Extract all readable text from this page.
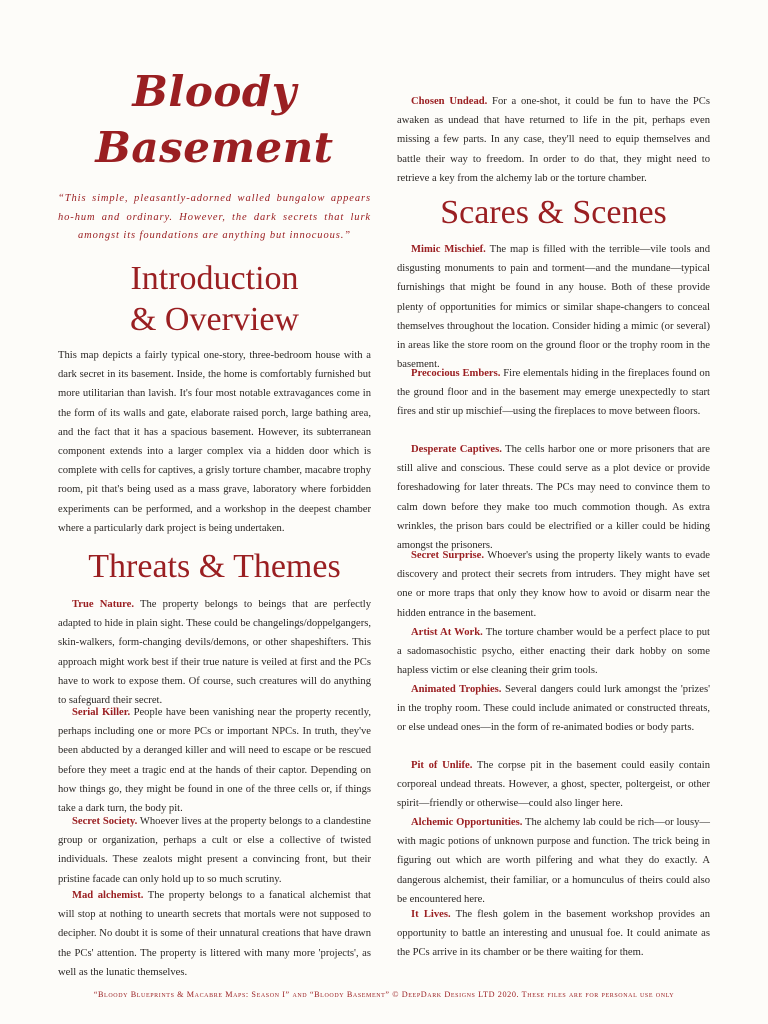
Bloody
Basement

“This simple, pleasantly-adorned walled bungalow appears ho-hum and ordinary. However, the dark secrets that lurk amongst its foundations are anything but innocuous.”

Introduction
& Overview

This map depicts a fairly typical one-story, three-bedroom house with a dark secret in its basement. Inside, the home is comfortably furnished but more utilitarian than lavish. It's four most notable extravagances come in the form of its walls and gate, elaborate raised porch, large bathing area, and the fact that it has a spacious basement. However, its subterranean component extends into a larger complex via a hidden door which is complete with cells for captives, a grisly torture chamber, macabre trophy room, pit that's being used as a mass grave, laboratory where forbidden experiments can be performed, and a workshop in the deepest chamber where a particularly dark project is being undertaken.

Threats & Themes

True Nature. The property belongs to beings that are perfectly adapted to hide in plain sight. These could be changelings/doppelgangers, skin-walkers, form-changing devils/demons, or other shapeshifters. This approach might work best if their true nature is veiled at first and the PCs have to work to expose them. Of course, such creatures will do anything to safeguard their secret.

Serial Killer. People have been vanishing near the property recently, perhaps including one or more PCs or important NPCs. In truth, they've been abducted by a deranged killer and will need to escape or be rescued before they meet a tragic end at the hands of their captor. Depending on how things go, they might be found in one of the three cells or, if things take a dark turn, the body pit.

Secret Society. Whoever lives at the property belongs to a clandestine group or organization, perhaps a cult or else a collective of twisted individuals. These zealots might present a convincing front, but their pristine facade can only hold up to so much scrutiny.

Mad alchemist. The property belongs to a fanatical alchemist that will stop at nothing to unearth secrets that mortals were not supposed to decipher. No doubt it is some of their unnatural creations that have drawn the PCs' attention. The property is littered with many more 'projects', as well as the lunatic themselves.

Chosen Undead. For a one-shot, it could be fun to have the PCs awaken as undead that have returned to life in the pit, perhaps even missing a few parts. In any case, they'll need to equip themselves and battle their way to freedom. In order to do that, they might need to retrieve a key from the alchemy lab or the torture chamber.

Scares & Scenes

Mimic Mischief. The map is filled with the terrible—vile tools and disgusting monuments to pain and torment—and the mundane—typical furnishings that might be found in any house. Both of these provide plenty of opportunities for mimics or similar shape-changers to conceal themselves throughout the location. Consider hiding a mimic (or several) in areas like the store room on the ground floor or the trophy room in the basement.

Precocious Embers. Fire elementals hiding in the fireplaces found on the ground floor and in the basement may emerge unexpectedly to start fires and stir up mischief—using the fireplaces to move between floors.

Desperate Captives. The cells harbor one or more prisoners that are still alive and conscious. These could serve as a plot device or provide foreshadowing for later threats. The PCs may need to convince them to calm down before they make too much commotion though. As extra wrinkles, the prison bars could be electrified or a killer could be hiding amongst the prisoners.

Secret Surprise. Whoever's using the property likely wants to evade discovery and protect their secrets from intruders. They might have set one or more traps that only they know how to avoid or disarm near the hidden entrance in the basement.

Artist At Work. The torture chamber would be a perfect place to put a sadomasochistic psycho, either enacting their dark hobby on some hapless victim or else cleaning their grim tools.

Animated Trophies. Several dangers could lurk amongst the 'prizes' in the trophy room. These could include animated or constructed threats, or else undead ones—in the form of re-animated bodies or body parts.

Pit of Unlife. The corpse pit in the basement could easily contain corporeal undead threats. However, a ghost, specter, poltergeist, or other spirit—friendly or otherwise—could also linger here.

Alchemic Opportunities. The alchemy lab could be rich—or lousy—with magic potions of unknown purpose and function. The trick being in figuring out which are worth pilfering and what they do exactly. A dangerous alchemist, their familiar, or a homunculus of theirs could also be encountered here.

It Lives. The flesh golem in the basement workshop provides an opportunity to battle an interesting and unusual foe. It could animate as the PCs arrive in its chamber or be there waiting for them.

“Bloody Blueprints & Macabre Maps: Season I” and “Bloody Basement” © DeepDark Designs LTD 2020. These files are for personal use only
